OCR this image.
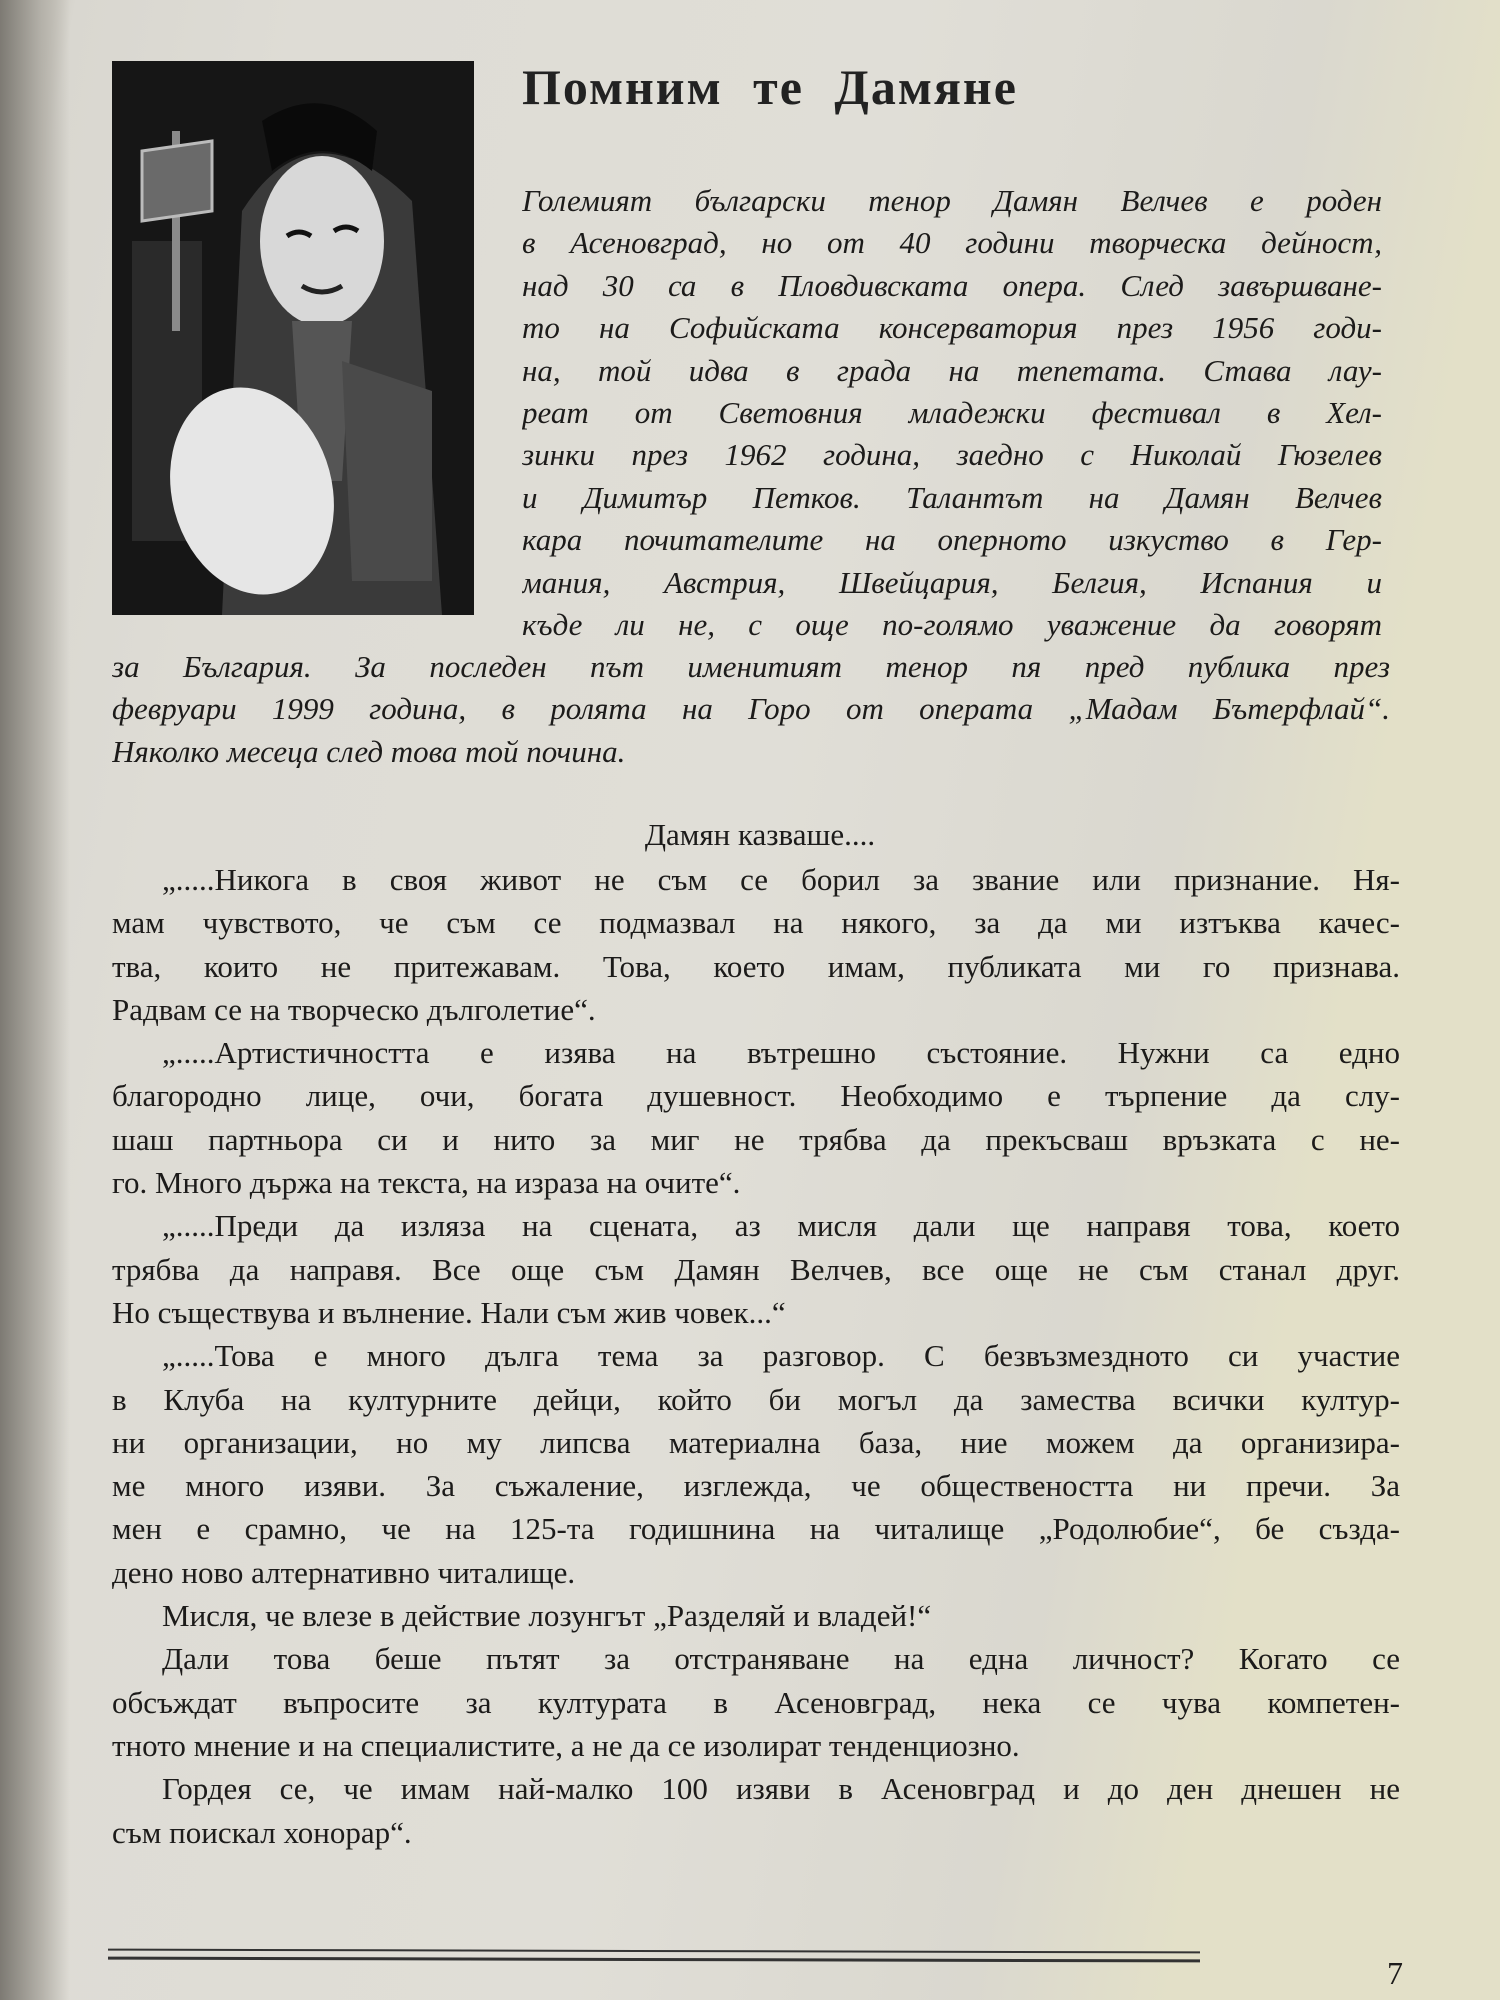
Помним те Дамяне
Големият български тенор Дамян Велчев е роден
в Асеновград, но от 40 години творческа дейност,
над 30 са в Пловдивската опера. След завършване-
то на Софийската консерватория през 1956 годи-
на, той идва в града на тепетата. Става лау-
реат от Световния младежки фестивал в Хел-
зинки през 1962 година, заедно с Николай Гюзелев
и Димитър Петков. Талантът на Дамян Велчев
кара почитателите на оперното изкуство в Гер-
мания, Австрия, Швейцария, Белгия, Испания и
къде ли не, с още по-голямо уважение да говорят
за България. За последен път именитият тенор пя пред публика през
февруари 1999 година, в ролята на Горо от операта „Мадам Бътерфлай“.
Няколко месеца след това той почина.
Дамян казваше....
„.....Никога в своя живот не съм се борил за звание или признание. Ня-
мам чувството, че съм се подмазвал на някого, за да ми изтъква качес-
тва, които не притежавам. Това, което имам, публиката ми го признава.
Радвам се на творческо дълголетие“.
„.....Артистичността е изява на вътрешно състояние. Нужни са едно
благородно лице, очи, богата душевност. Необходимо е търпение да слу-
шаш партньора си и нито за миг не трябва да прекъсваш връзката с не-
го. Много държа на текста, на израза на очите“.
„.....Преди да изляза на сцената, аз мисля дали ще направя това, което
трябва да направя. Все още съм Дамян Велчев, все още не съм станал друг.
Но съществува и вълнение. Нали съм жив човек...“
„.....Това е много дълга тема за разговор. С безвъзмездното си участие
в Клуба на културните дейци, който би могъл да замества всички култур-
ни организации, но му липсва материална база, ние можем да организира-
ме много изяви. За съжаление, изглежда, че обществеността ни пречи. За
мен е срамно, че на 125-та годишнина на читалище „Родолюбие“, бе създа-
дено ново алтернативно читалище.
Мисля, че влезе в действие лозунгът „Разделяй и владей!“
Дали това беше пътят за отстраняване на една личност? Когато се
обсъждат въпросите за културата в Асеновград, нека се чува компетен-
тното мнение и на специалистите, а не да се изолират тенденциозно.
Гордея се, че имам най-малко 100 изяви в Асеновград и до ден днешен не
съм поискал хонорар“.
7
